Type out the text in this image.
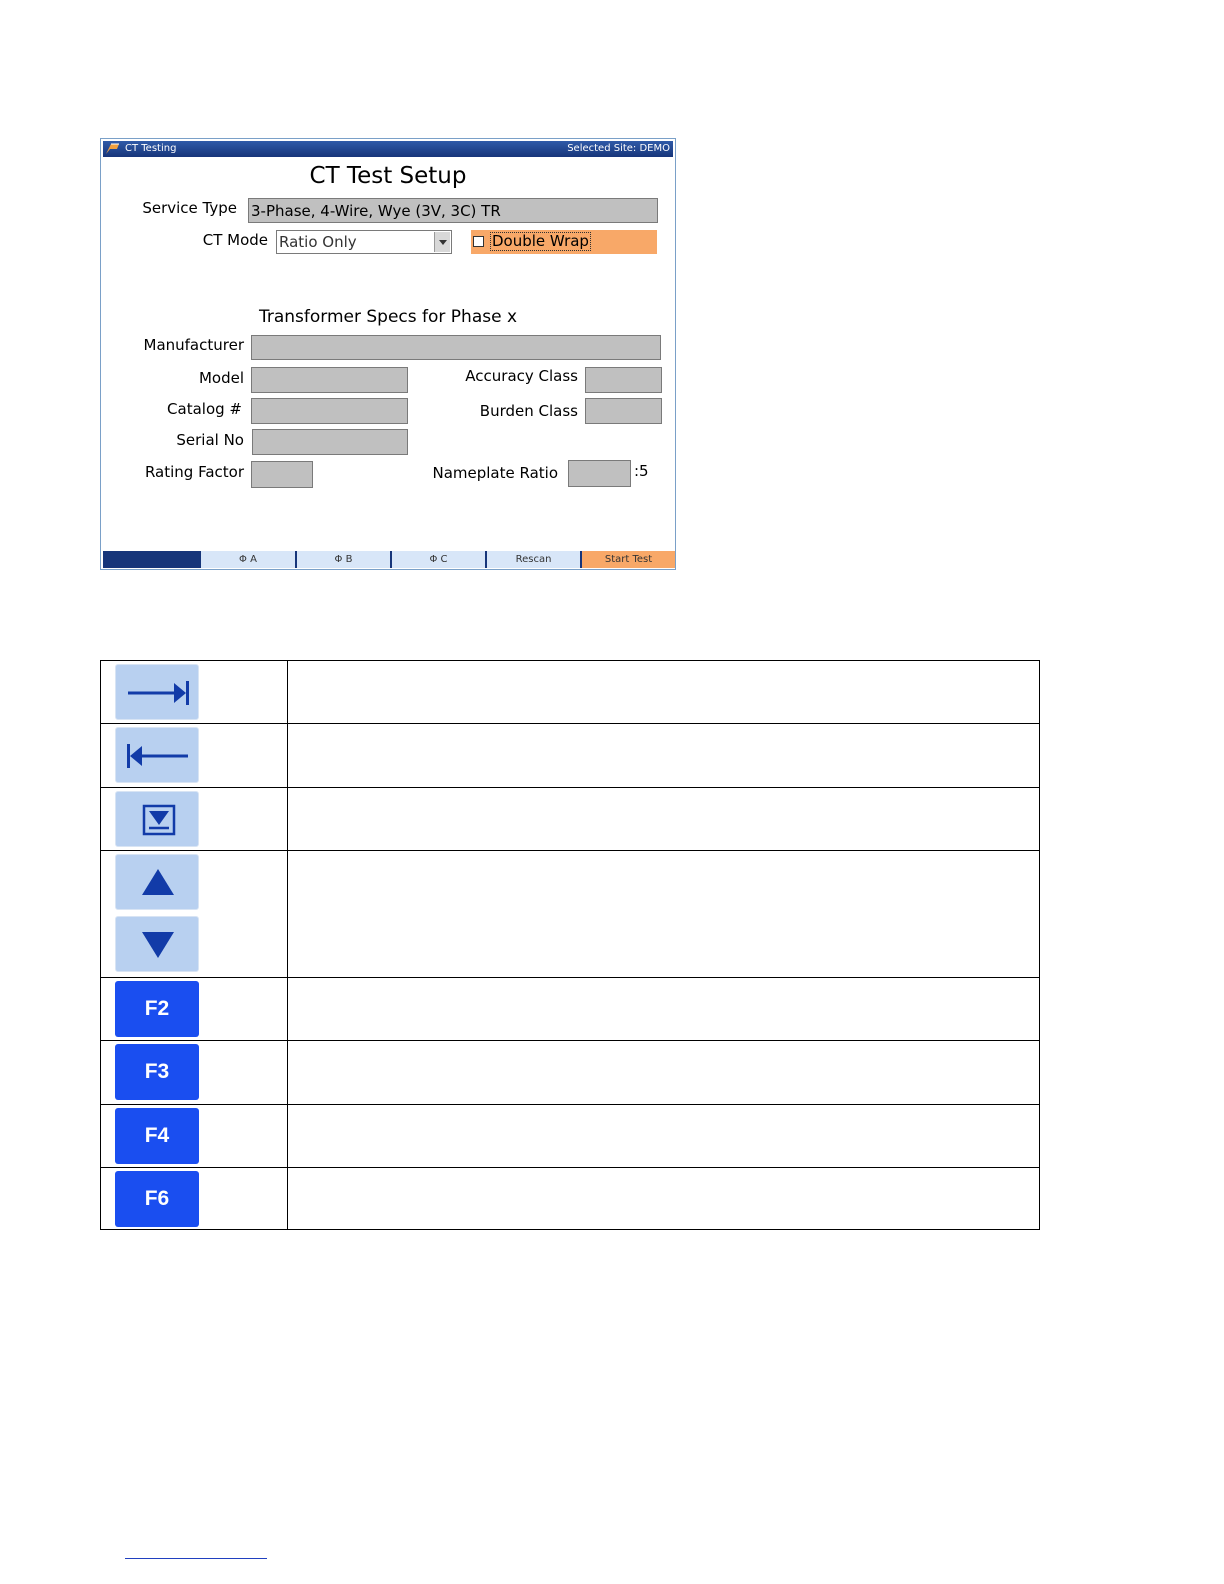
CT Testing	Selected Site: DEMO
CT Test Setup
Service Type 3-Phase, 4-Wire, Wye (3V, 3C) TR
CT Mode Ratio Only	Double Wrap
Transformer Specs for Phase x
Manufacturer
Model	Accuracy Class
Catalog #	Burden Class
Serial No
Rating Factor	Nameplate Ratio	:5
Φ A	Φ B	Φ C	Rescan	Start Test
F2
F3
F4
F6
